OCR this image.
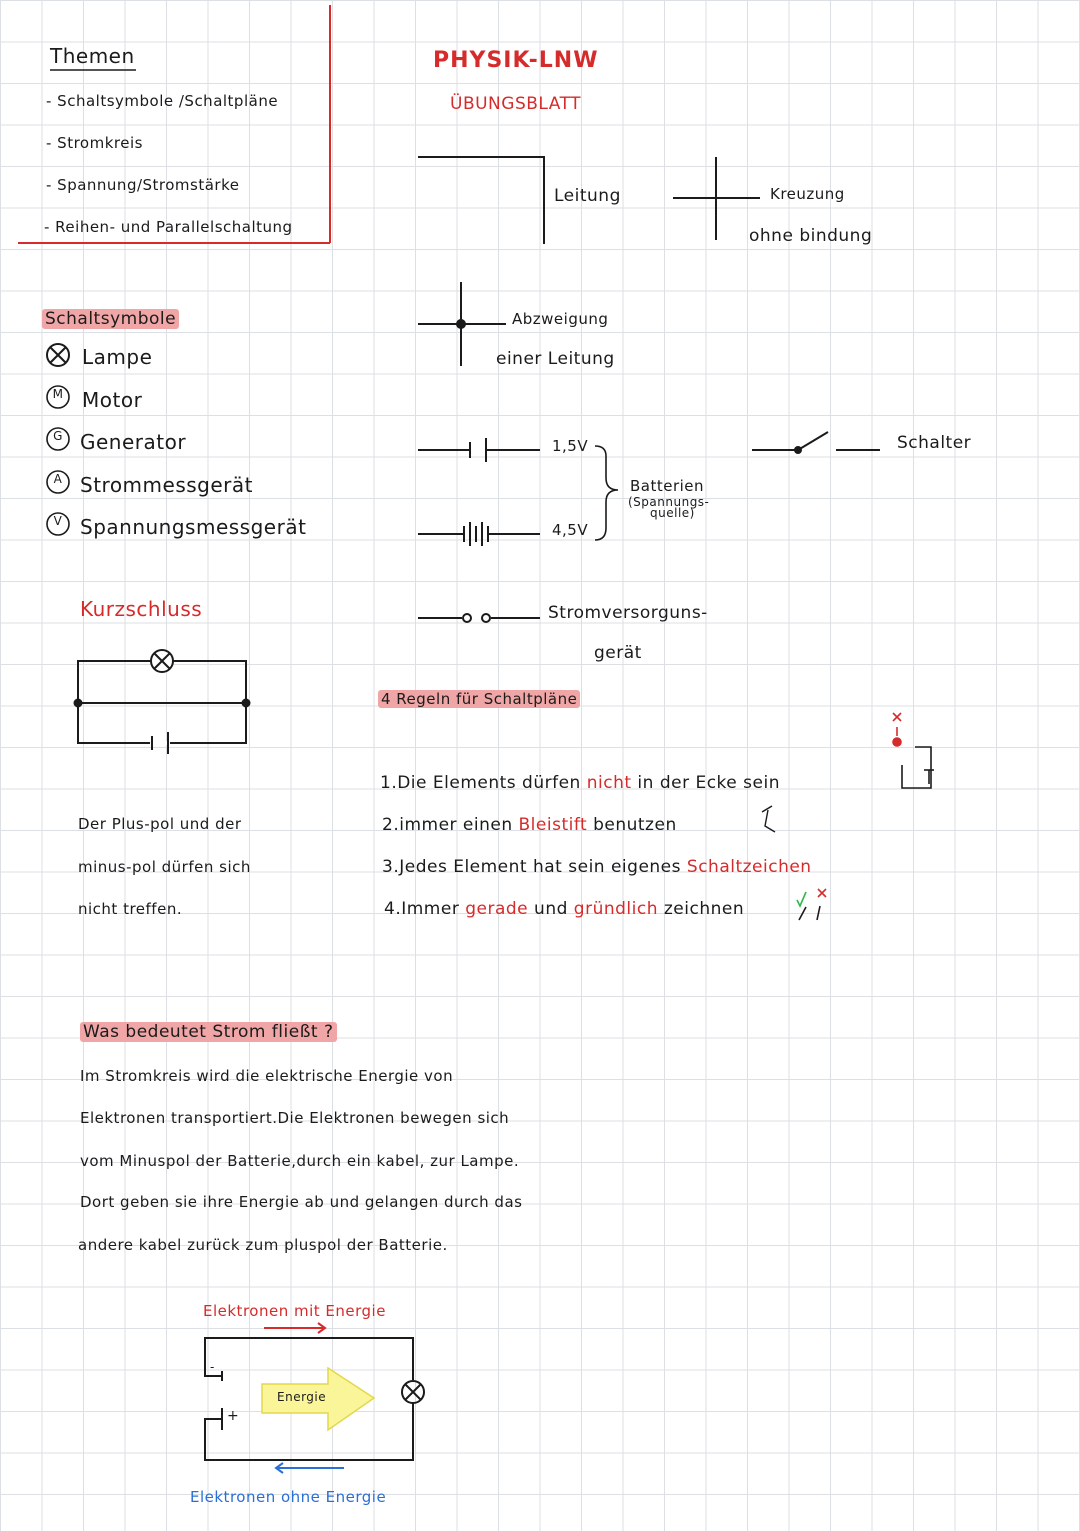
Themen
- Schaltsymbole /Schaltpläne
- Stromkreis
- Spannung/Stromstärke
- Reihen- und Parallelschaltung
PHYSIK-LNW
ÜBUNGSBLATT
Leitung	Kreuzung
ohne bindung
Abzweigung
einer Leitung
Schaltsymbole
M
G
A
V
Lampe
Motor
Generator
Strommessgerät
Spannungsmessgerät
1,5V
4,5V
Batterien
(Spannungs-
quelle)
Schalter
Stromversorguns-
gerät
Kurzschluss
Der Plus-pol und der
minus-pol dürfen sich
nicht treffen.
4 Regeln für Schaltpläne
1.Die Elements dürfen nicht in der Ecke sein
2.immer einen Bleistift benutzen
3.Jedes Element hat sein eigenes Schaltzeichen
4.Immer gerade und gründlich zeichnen
Was bedeutet Strom fließt ?
Im Stromkreis wird die elektrische Energie von
Elektronen transportiert.Die Elektronen bewegen sich
vom Minuspol der Batterie,durch ein kabel, zur Lampe.
Dort geben sie ihre Energie ab und gelangen durch das
andere kabel zurück zum pluspol der Batterie.
Elektronen mit Energie
Elektronen ohne Energie
Energie
-
+
